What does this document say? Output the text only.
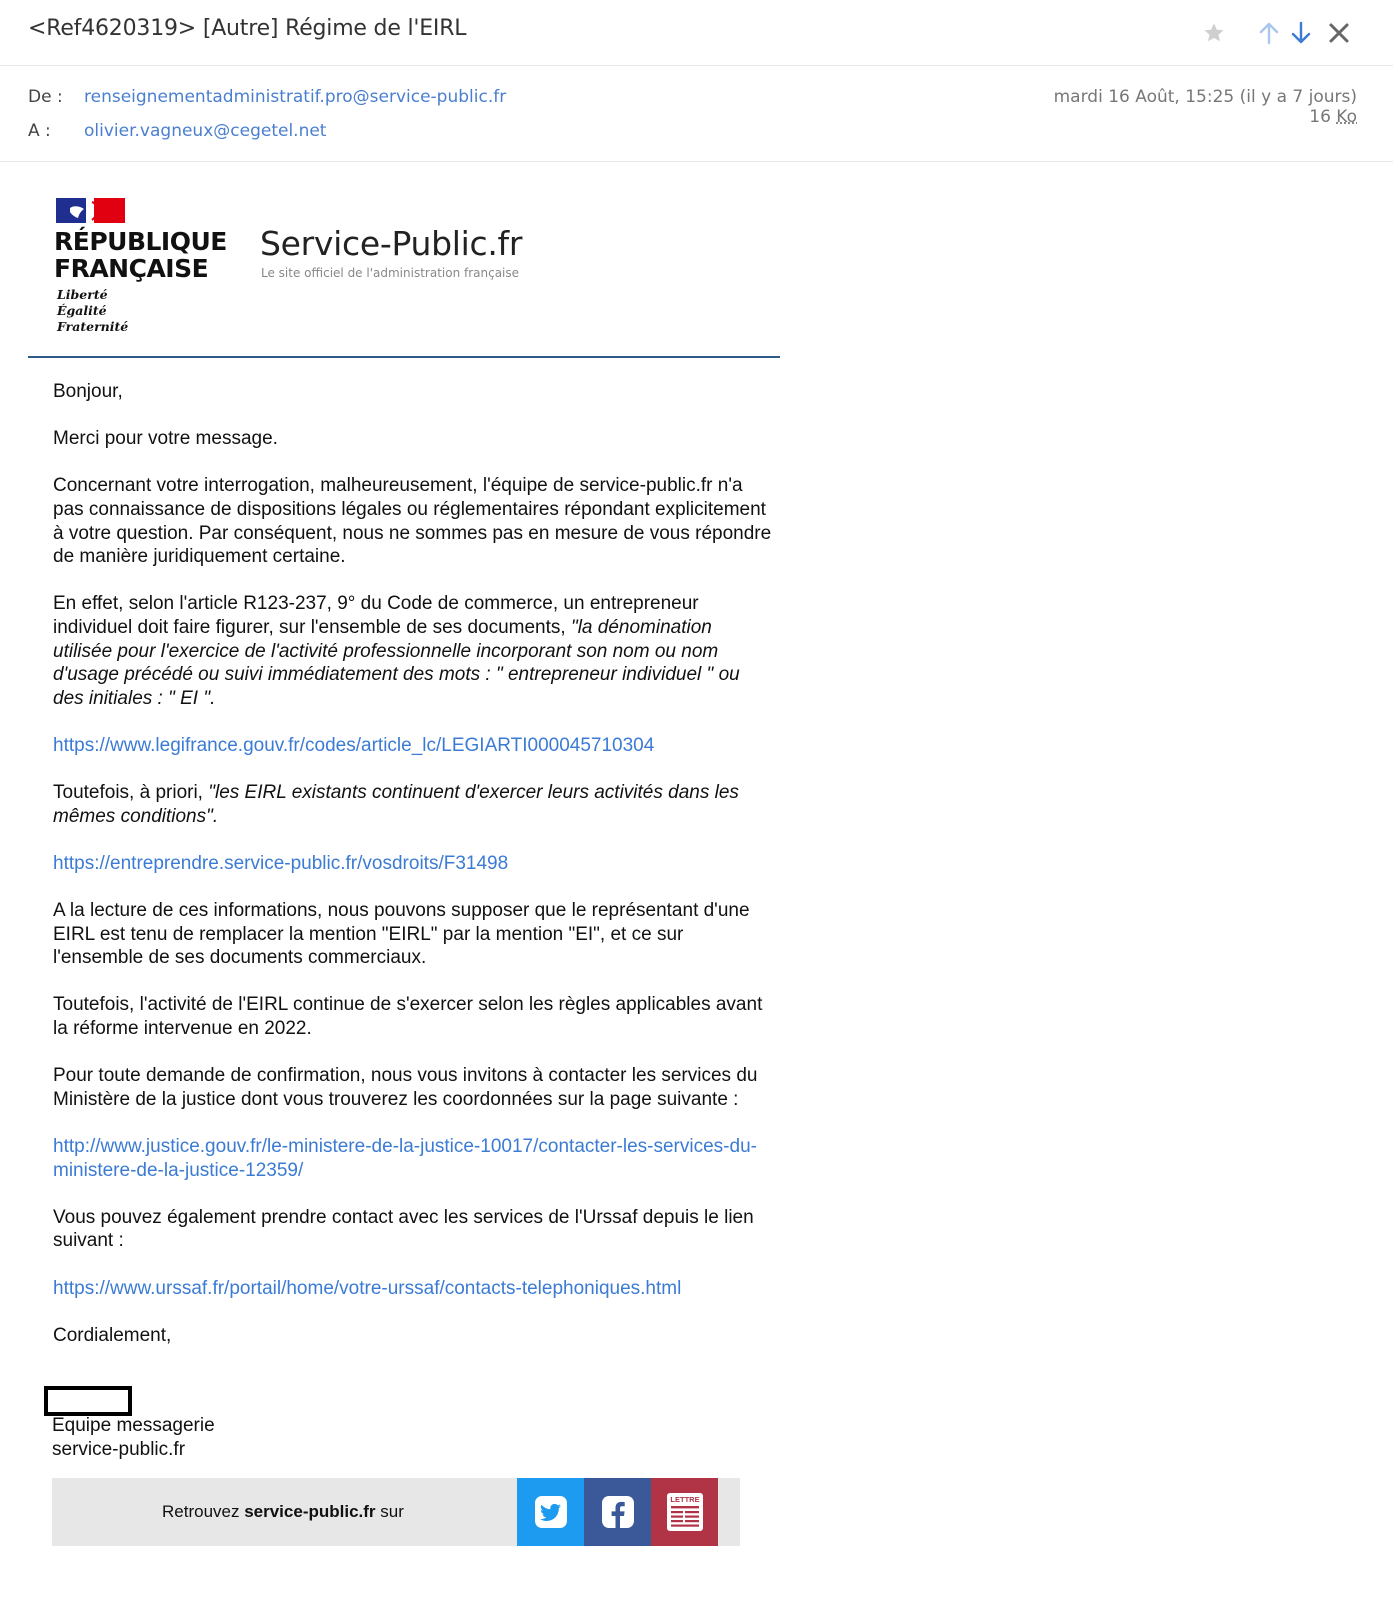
<Ref4620319> [Autre] Régime de l'EIRL
De : renseignementadministratif.pro@service-public.fr
A : olivier.vagneux@cegetel.net
mardi 16 Août, 15:25 (il y a 7 jours)
16 Ko
RÉPUBLIQUE
FRANÇAISE
Liberté
Égalité
Fraternité
Service-Public.fr
Le site officiel de l'administration française

Bonjour,

Merci pour votre message.

Concernant votre interrogation, malheureusement, l'équipe de service-public.fr n'a pas connaissance de dispositions légales ou réglementaires répondant explicitement à votre question. Par conséquent, nous ne sommes pas en mesure de vous répondre de manière juridiquement certaine.

En effet, selon l'article R123-237, 9° du Code de commerce, un entrepreneur individuel doit faire figurer, sur l'ensemble de ses documents, "la dénomination utilisée pour l'exercice de l'activité professionnelle incorporant son nom ou nom d'usage précédé ou suivi immédiatement des mots : " entrepreneur individuel " ou des initiales : " EI ".

https://www.legifrance.gouv.fr/codes/article_lc/LEGIARTI000045710304

Toutefois, à priori, "les EIRL existants continuent d'exercer leurs activités dans les mêmes conditions".

https://entreprendre.service-public.fr/vosdroits/F31498

A la lecture de ces informations, nous pouvons supposer que le représentant d'une EIRL est tenu de remplacer la mention "EIRL" par la mention "EI", et ce sur l'ensemble de ses documents commerciaux.

Toutefois, l'activité de l'EIRL continue de s'exercer selon les règles applicables avant la réforme intervenue en 2022.

Pour toute demande de confirmation, nous vous invitons à contacter les services du Ministère de la justice dont vous trouverez les coordonnées sur la page suivante :

http://www.justice.gouv.fr/le-ministere-de-la-justice-10017/contacter-les-services-du-ministere-de-la-justice-12359/

Vous pouvez également prendre contact avec les services de l'Urssaf depuis le lien suivant :

https://www.urssaf.fr/portail/home/votre-urssaf/contacts-telephoniques.html

Cordialement,

Equipe messagerie
service-public.fr
Retrouvez service-public.fr sur
LETTRE
